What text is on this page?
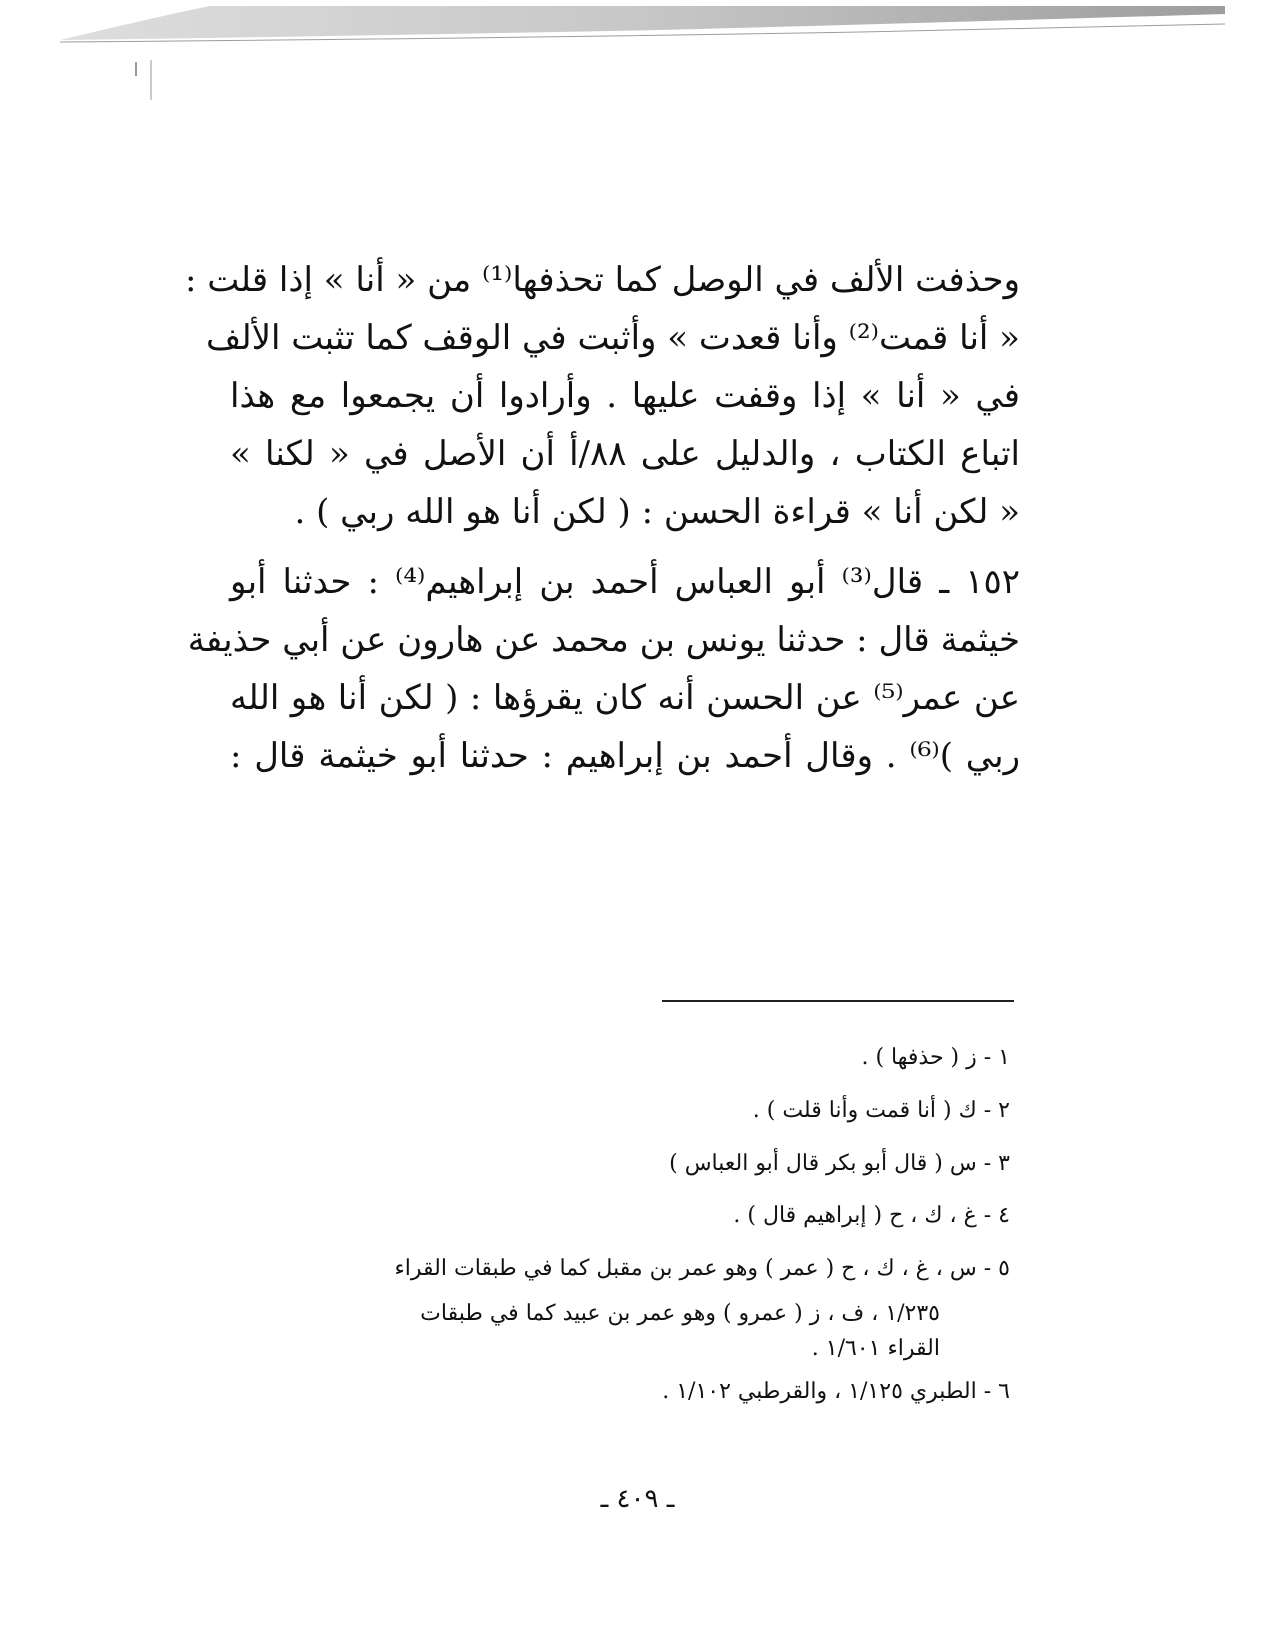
وحذفت الألف في الوصل كما تحذفها⁽¹⁾ من « أنا » إذا قلت :
« أنا قمت⁽²⁾ وأنا قعدت » وأثبت في الوقف كما تثبت الألف
في « أنا » إذا وقفت عليها . وأرادوا أن يجمعوا مع هذا
اتباع الكتاب ، والدليل على ٨٨/أ أن الأصل في « لكنا »
« لكن أنا » قراءة الحسن : ( لكن أنا هو الله ربي ) .
١٥٢ ـ قال⁽³⁾ أبو العباس أحمد بن إبراهيم⁽⁴⁾ : حدثنا أبو
خيثمة قال : حدثنا يونس بن محمد عن هارون عن أبي حذيفة
عن عمر⁽⁵⁾ عن الحسن أنه كان يقرؤها : ( لكن أنا هو الله
ربي )⁽⁶⁾ . وقال أحمد بن إبراهيم : حدثنا أبو خيثمة قال :

١ - ز ( حذفها ) .

٢ - ك ( أنا قمت وأنا قلت ) .

٣ - س ( قال أبو بكر قال أبو العباس )

٤ - غ ، ك ، ح ( إبراهيم قال ) .

٥ - س ، غ ، ك ، ح ( عمر ) وهو عمر بن مقبل كما في طبقات القراء

١/٢٣٥ ، ف ، ز ( عمرو ) وهو عمر بن عبيد كما في طبقات

القراء ١/٦٠١ .

٦ - الطبري ١/١٢٥ ، والقرطبي ١/١٠٢ .

ـ ٤٠٩ ـ
